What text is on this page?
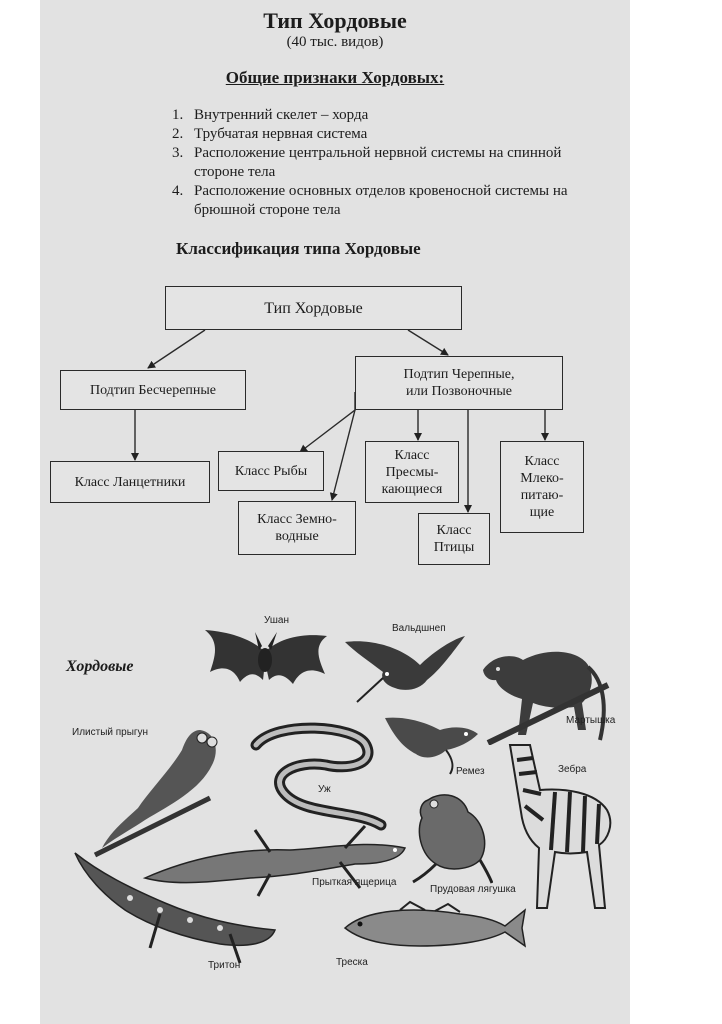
Тип Хордовые
(40 тыс. видов)
Общие признаки Хордовых:
1. Внутренний скелет – хорда
2. Трубчатая нервная система
3. Расположение центральной нервной системы на спинной стороне тела
4. Расположение основных отделов кровеносной системы на брюшной стороне тела
Классификация типа Хордовые
Тип Хордовые
Подтип Бесчерепные
Подтип Черепные,
или Позвоночные
Класс Ланцетники
Класс Рыбы
Класс Земно-
водные
Класс
Пресмы-
кающиеся
Класс
Птицы
Класс
Млеко-
питаю-
щие
Хордовые
Ушан
Вальдшнеп
Мартышка
Илистый прыгун
Уж
Ремез	Зебра
Прудовая лягушка
Прыткая ящерица
Тритон	Треска
